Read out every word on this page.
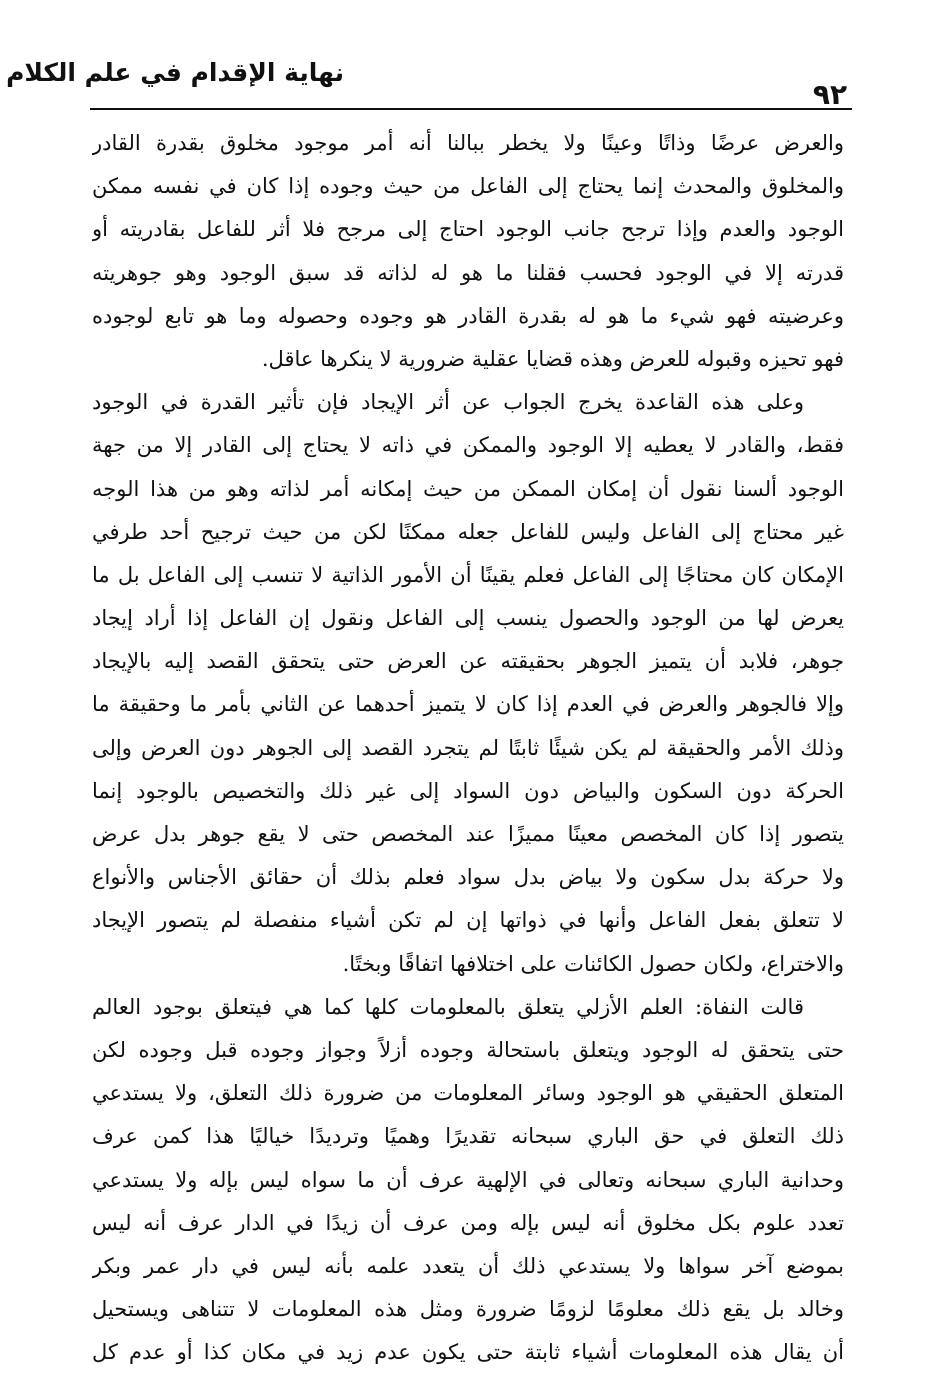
نهاية الإقدام في علم الكلام
٩٢
والعرض عرضًا وذاتًا وعينًا ولا يخطر ببالنا أنه أمر موجود مخلوق بقدرة القادر
والمخلوق والمحدث إنما يحتاج إلى الفاعل من حيث وجوده إذا كان في نفسه ممكن
الوجود والعدم وإذا ترجح جانب الوجود احتاج إلى مرجح فلا أثر للفاعل بقادريته أو
قدرته إلا في الوجود فحسب فقلنا ما هو له لذاته قد سبق الوجود وهو جوهريته
وعرضيته فهو شيء ما هو له بقدرة القادر هو وجوده وحصوله وما هو تابع لوجوده
فهو تحيزه وقبوله للعرض وهذه قضايا عقلية ضرورية لا ينكرها عاقل.
وعلى هذه القاعدة يخرج الجواب عن أثر الإيجاد فإن تأثير القدرة في الوجود
فقط، والقادر لا يعطيه إلا الوجود والممكن في ذاته لا يحتاج إلى القادر إلا من جهة
الوجود ألسنا نقول أن إمكان الممكن من حيث إمكانه أمر لذاته وهو من هذا الوجه
غير محتاج إلى الفاعل وليس للفاعل جعله ممكنًا لكن من حيث ترجيح أحد طرفي
الإمكان كان محتاجًا إلى الفاعل فعلم يقينًا أن الأمور الذاتية لا تنسب إلى الفاعل بل ما
يعرض لها من الوجود والحصول ينسب إلى الفاعل ونقول إن الفاعل إذا أراد إيجاد
جوهر، فلابد أن يتميز الجوهر بحقيقته عن العرض حتى يتحقق القصد إليه بالإيجاد
وإلا فالجوهر والعرض في العدم إذا كان لا يتميز أحدهما عن الثاني بأمر ما وحقيقة ما
وذلك الأمر والحقيقة لم يكن شيئًا ثابتًا لم يتجرد القصد إلى الجوهر دون العرض وإلى
الحركة دون السكون والبياض دون السواد إلى غير ذلك والتخصيص بالوجود إنما
يتصور إذا كان المخصص معينًا مميزًا عند المخصص حتى لا يقع جوهر بدل عرض
ولا حركة بدل سكون ولا بياض بدل سواد فعلم بذلك أن حقائق الأجناس والأنواع
لا تتعلق بفعل الفاعل وأنها في ذواتها إن لم تكن أشياء منفصلة لم يتصور الإيجاد
والاختراع، ولكان حصول الكائنات على اختلافها اتفاقًا وبختًا.
قالت النفاة: العلم الأزلي يتعلق بالمعلومات كلها كما هي فيتعلق بوجود العالم
حتى يتحقق له الوجود ويتعلق باستحالة وجوده أزلاً وجواز وجوده قبل وجوده لكن
المتعلق الحقيقي هو الوجود وسائر المعلومات من ضرورة ذلك التعلق، ولا يستدعي
ذلك التعلق في حق الباري سبحانه تقديرًا وهميًا وترديدًا خياليًا هذا كمن عرف
وحدانية الباري سبحانه وتعالى في الإلهية عرف أن ما سواه ليس بإله ولا يستدعي
تعدد علوم بكل مخلوق أنه ليس بإله ومن عرف أن زيدًا في الدار عرف أنه ليس
بموضع آخر سواها ولا يستدعي ذلك أن يتعدد علمه بأنه ليس في دار عمر وبكر
وخالد بل يقع ذلك معلومًا لزومًا ضرورة ومثل هذه المعلومات لا تتناهى ويستحيل
أن يقال هذه المعلومات أشياء ثابتة حتى يكون عدم زيد في مكان كذا أو عدم كل
